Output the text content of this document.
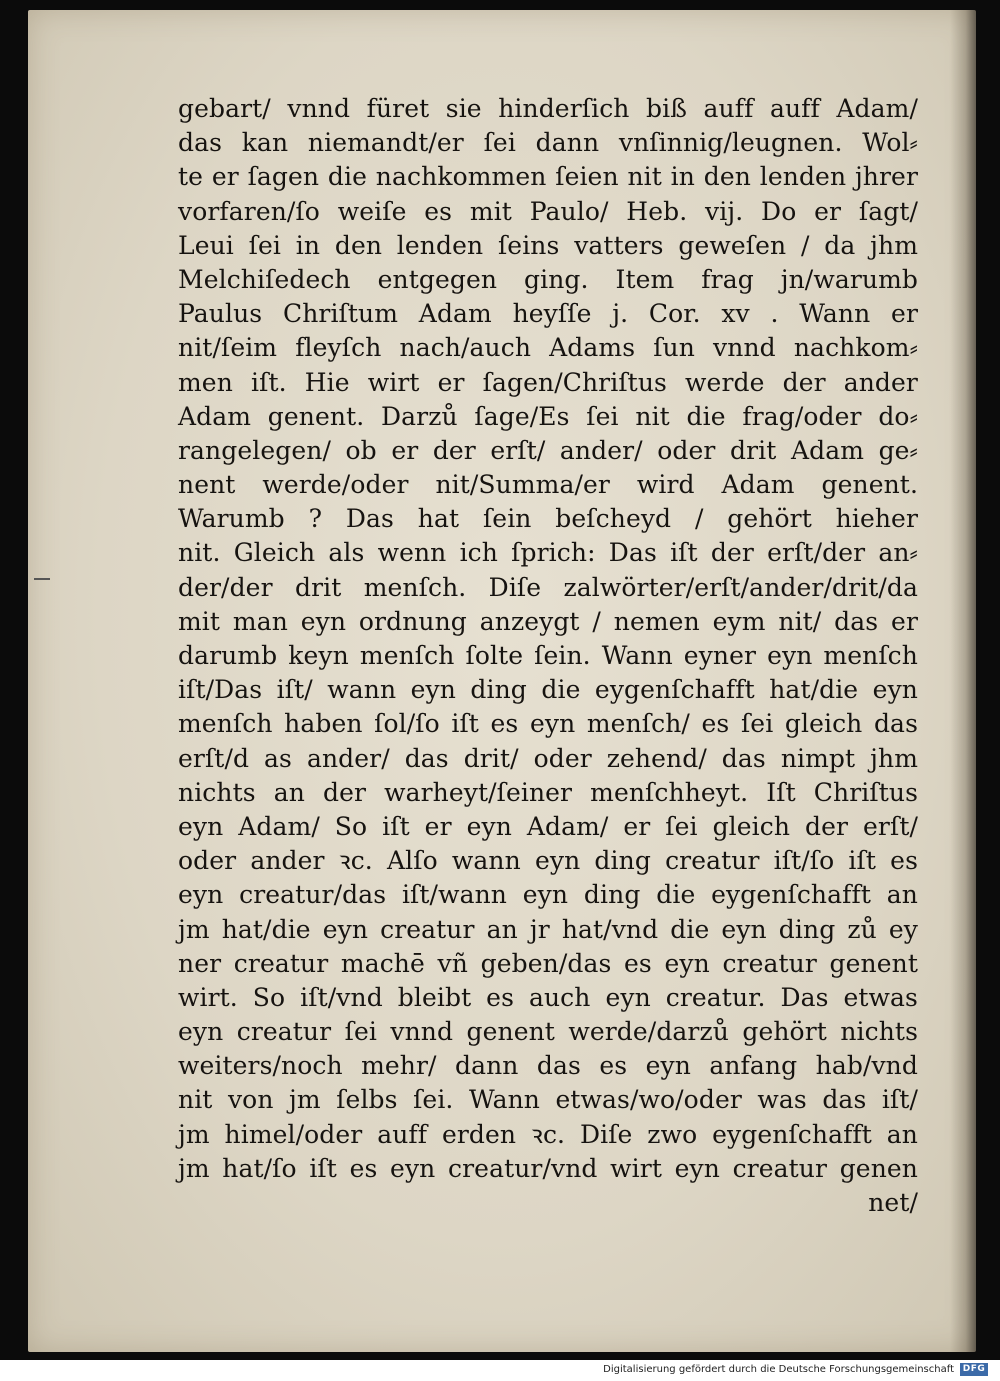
gebart/ vnnd füret sie hinderſich biß auff auff Adam/
das kan niemandt/er ſei dann vnſinnig/leugnen. Wol⸗
te er ſagen die nachkommen ſeien nit in den lenden jhrer
vorfaren/ſo weiſe es mit Paulo/ Heb. vij. Do er ſagt/
Leui ſei in den lenden ſeins vatters geweſen / da jhm
Melchiſedech entgegen ging. Item frag jn/warumb
Paulus Chriſtum Adam heyſſe j. Cor. xv . Wann er
nit/ſeim fleyſch nach/auch Adams ſun vnnd nachkom⸗
men iſt. Hie wirt er ſagen/Chriſtus werde der ander
Adam genent. Darzů ſage/Es ſei nit die frag/oder do⸗
rangelegen/ ob er der erſt/ ander/ oder drit Adam ge⸗
nent werde/oder nit/Summa/er wird Adam genent.
Warumb ? Das hat ſein beſcheyd / gehört hieher
nit. Gleich als wenn ich ſprich: Das iſt der erſt/der an⸗
der/der drit menſch. Diſe zalwörter/erſt/ander/drit/da
mit man eyn ordnung anzeygt / nemen eym nit/ das er
darumb keyn menſch ſolte ſein. Wann eyner eyn menſch
iſt/Das iſt/ wann eyn ding die eygenſchafft hat/die eyn
menſch haben ſol/ſo iſt es eyn menſch/ es ſei gleich das
erſt/d as ander/ das drit/ oder zehend/ das nimpt jhm
nichts an der warheyt/ſeiner menſchheyt. Iſt Chriſtus
eyn Adam/ So iſt er eyn Adam/ er ſei gleich der erſt/
oder ander ꝛc. Alſo wann eyn ding creatur iſt/ſo iſt es
eyn creatur/das iſt/wann eyn ding die eygenſchafft an
jm hat/die eyn creatur an jr hat/vnd die eyn ding zů ey
ner creatur machē vñ geben/das es eyn creatur genent
wirt. So iſt/vnd bleibt es auch eyn creatur. Das etwas
eyn creatur ſei vnnd genent werde/darzů gehört nichts
weiters/noch mehr/ dann das es eyn anfang hab/vnd
nit von jm ſelbs ſei. Wann etwas/wo/oder was das iſt/
jm himel/oder auff erden ꝛc. Diſe zwo eygenſchafft an
jm hat/ſo iſt es eyn creatur/vnd wirt eyn creatur genen
net/
Digitalisierung gefördert durch die Deutsche Forschungsgemeinschaft DFG
